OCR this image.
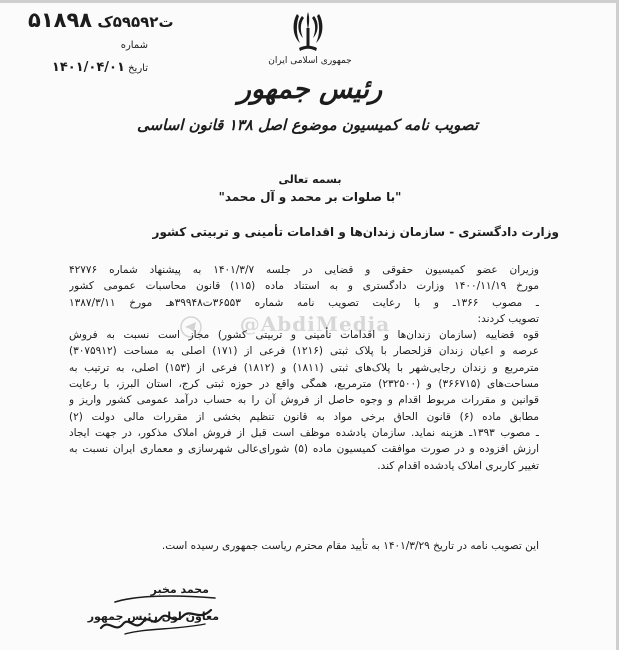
۵۱۸۹۸ ت۵۹۵۹۲ک
شماره
تاریخ ۱۴۰۱/۰۴/۰۱	جمهوری اسلامی ایران
رئیس جمهور
تصویب نامه کمیسیون موضوع اصل ۱۳۸ قانون اساسی
بسمه تعالی
"با صلوات بر محمد و آل محمد"
وزارت دادگستری - سازمان زندان‌ها و اقدامات تأمینی و تربیتی کشور
@AbdiMedia
وزیران عضو کمیسیون حقوقی و قضایی در جلسه ۱۴۰۱/۳/۷ به پیشنهاد شماره ۴۲۷۷۶
مورخ ۱۴۰۰/۱۱/۱۹ وزارت دادگستری و به استناد ماده (۱۱۵) قانون محاسبات عمومی کشور
ـ مصوب ۱۳۶۶ـ و با رعایت تصویب نامه شماره ۳۶۵۵۳ت۳۹۹۴۸هـ مورخ ۱۳۸۷/۳/۱۱
تصویب کردند:
قوه قضاییه (سازمان زندان‌ها و اقدامات تأمینی و تربیتی کشور) مجاز است نسبت به فروش
عرصه و اعیان زندان قزلحصار با پلاک ثبتی (۱۲۱۶) فرعی از (۱۷۱) اصلی به مساحت (۳۰۷۵۹۱۲)
مترمربع و زندان رجایی‌شهر با پلاک‌های ثبتی (۱۸۱۱) و (۱۸۱۲) فرعی از (۱۵۳) اصلی، به ترتیب به
مساحت‌های (۳۶۶۷۱۵) و (۲۳۲۵۰۰) مترمربع، همگی واقع در حوزه ثبتی کرج، استان البرز، با رعایت
قوانین و مقررات مربوط اقدام و وجوه حاصل از فروش آن را به حساب درآمد عمومی کشور واریز و
مطابق ماده (۶) قانون الحاق برخی مواد به قانون تنظیم بخشی از مقررات مالی دولت (۲)
ـ مصوب ۱۳۹۳ـ هزینه نماید. سازمان یادشده موظف است قبل از فروش املاک مذکور، در جهت ایجاد
ارزش افزوده و در صورت موافقت کمیسیون ماده (۵) شورای‌عالی شهرسازی و معماری ایران نسبت به
تغییر کاربری املاک یادشده اقدام کند.
این تصویب نامه در تاریخ ۱۴۰۱/۳/۲۹ به تأیید مقام محترم ریاست جمهوری رسیده است.
محمد مخبر
معاون اول رئیس جمهور
